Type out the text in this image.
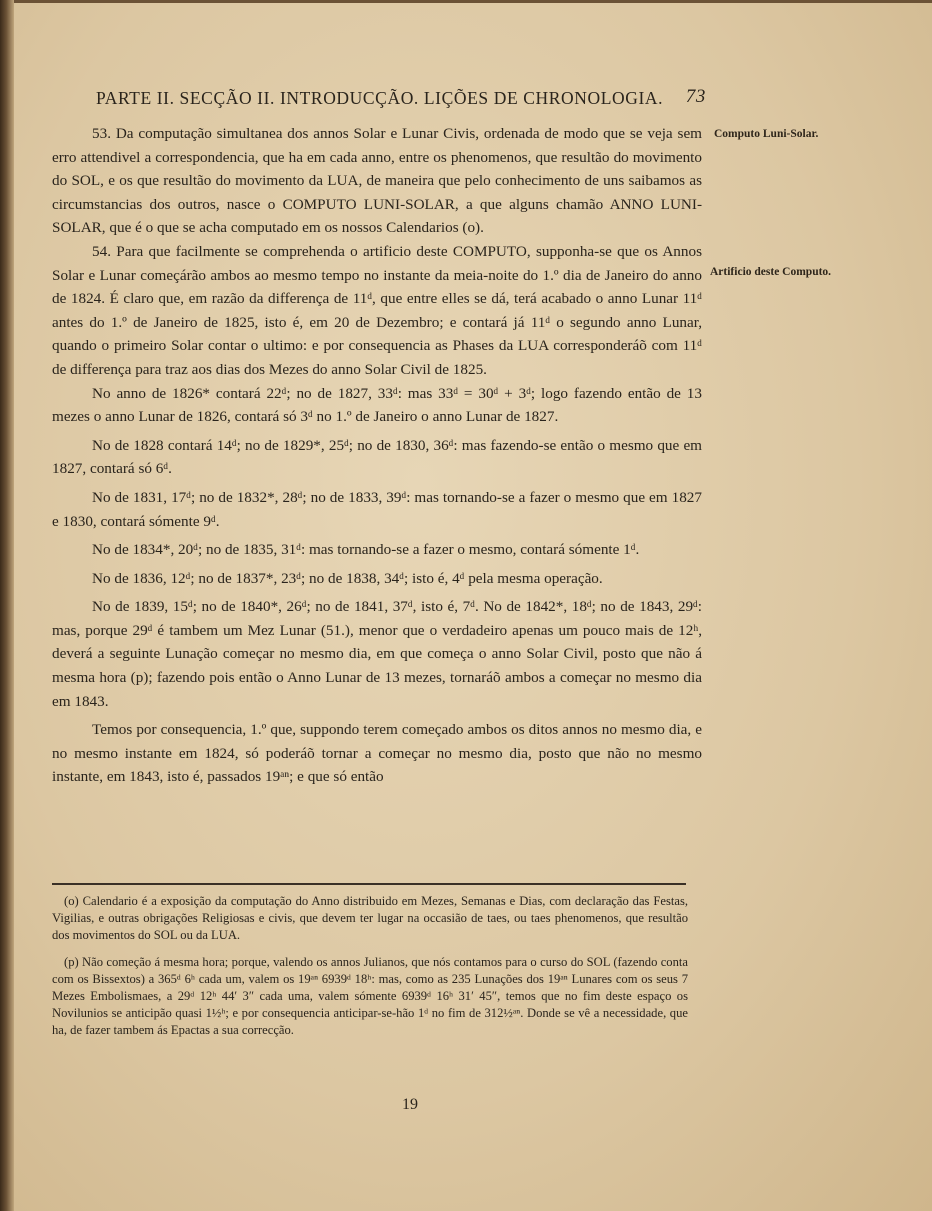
PARTE II. SECÇÃO II. INTRODUCÇÃO. LIÇÕES DE CHRONOLOGIA. 73
Computo Luni-Solar.
Artificio deste Computo.

53. Da computação simultanea dos annos Solar e Lunar Civis, ordenada de modo que se veja sem erro attendivel a correspondencia, que ha em cada anno, entre os phenomenos, que resultão do movimento do SOL, e os que resultão do movimento da LUA, de maneira que pelo conhecimento de uns saibamos as circumstancias dos outros, nasce o COMPUTO LUNI-SOLAR, a que alguns chamão ANNO LUNI-SOLAR, que é o que se acha computado em os nossos Calendarios (o).

54. Para que facilmente se comprehenda o artificio deste COMPUTO, supponha-se que os Annos Solar e Lunar começárão ambos ao mesmo tempo no instante da meia-noite do 1.º dia de Janeiro do anno de 1824. É claro que, em razão da differença de 11ᵈ, que entre elles se dá, terá acabado o anno Lunar 11ᵈ antes do 1.º de Janeiro de 1825, isto é, em 20 de Dezembro; e contará já 11ᵈ o segundo anno Lunar, quando o primeiro Solar contar o ultimo: e por consequencia as Phases da LUA corresponderáõ com 11ᵈ de differença para traz aos dias dos Mezes do anno Solar Civil de 1825.

No anno de 1826* contará 22ᵈ; no de 1827, 33ᵈ: mas 33ᵈ = 30ᵈ + 3ᵈ; logo fazendo então de 13 mezes o anno Lunar de 1826, contará só 3ᵈ no 1.º de Janeiro o anno Lunar de 1827.

No de 1828 contará 14ᵈ; no de 1829*, 25ᵈ; no de 1830, 36ᵈ: mas fazendo-se então o mesmo que em 1827, contará só 6ᵈ.

No de 1831, 17ᵈ; no de 1832*, 28ᵈ; no de 1833, 39ᵈ: mas tornando-se a fazer o mesmo que em 1827 e 1830, contará sómente 9ᵈ.

No de 1834*, 20ᵈ; no de 1835, 31ᵈ: mas tornando-se a fazer o mesmo, contará sómente 1ᵈ.

No de 1836, 12ᵈ; no de 1837*, 23ᵈ; no de 1838, 34ᵈ; isto é, 4ᵈ pela mesma operação.

No de 1839, 15ᵈ; no de 1840*, 26ᵈ; no de 1841, 37ᵈ, isto é, 7ᵈ. No de 1842*, 18ᵈ; no de 1843, 29ᵈ: mas, porque 29ᵈ é tambem um Mez Lunar (51.), menor que o verdadeiro apenas um pouco mais de 12ʰ, deverá a seguinte Lunação começar no mesmo dia, em que começa o anno Solar Civil, posto que não á mesma hora (p); fazendo pois então o Anno Lunar de 13 mezes, tornaráõ ambos a começar no mesmo dia em 1843.

Temos por consequencia, 1.º que, suppondo terem começado ambos os ditos annos no mesmo dia, e no mesmo instante em 1824, só poderáõ tornar a começar no mesmo dia, posto que não no mesmo instante, em 1843, isto é, passados 19ᵃⁿ; e que só então

(o) Calendario é a exposição da computação do Anno distribuido em Mezes, Semanas e Dias, com declaração das Festas, Vigilias, e outras obrigações Religiosas e civis, que devem ter lugar na occasião de taes, ou taes phenomenos, que resultão dos movimentos do SOL ou da LUA.

(p) Não começão á mesma hora; porque, valendo os annos Julianos, que nós contamos para o curso do SOL (fazendo conta com os Bissextos) a 365ᵈ 6ʰ cada um, valem os 19ᵃⁿ 6939ᵈ 18ʰ: mas, como as 235 Lunações dos 19ᵃⁿ Lunares com os seus 7 Mezes Embolismaes, a 29ᵈ 12ʰ 44′ 3″ cada uma, valem sómente 6939ᵈ 16ʰ 31′ 45″, temos que no fim deste espaço os Novilunios se anticipão quasi 1½ʰ; e por consequencia anticipar-se-hão 1ᵈ no fim de 312½ᵃⁿ. Donde se vê a necessidade, que ha, de fazer tambem ás Epactas a sua correcção.

19
